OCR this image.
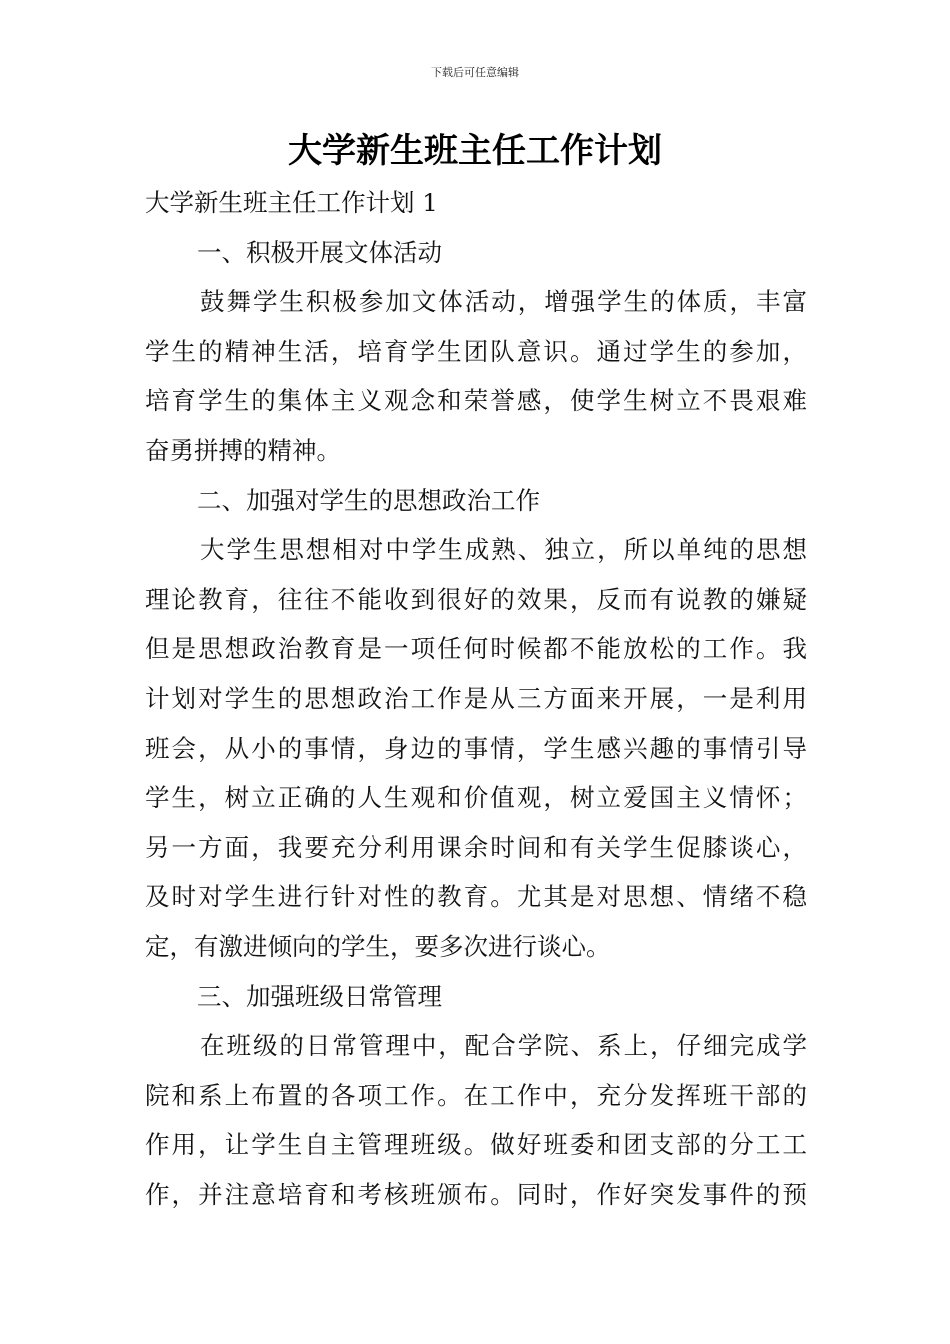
下载后可任意编辑
大学新生班主任工作计划
大学新生班主任工作计划 1
一、积极开展文体活动
鼓舞学生积极参加文体活动，增强学生的体质，丰富
学生的精神生活，培育学生团队意识。通过学生的参加，
培育学生的集体主义观念和荣誉感，使学生树立不畏艰难
奋勇拼搏的精神。
二、加强对学生的思想政治工作
大学生思想相对中学生成熟、独立，所以单纯的思想
理论教育，往往不能收到很好的效果，反而有说教的嫌疑
但是思想政治教育是一项任何时候都不能放松的工作。我
计划对学生的思想政治工作是从三方面来开展，一是利用
班会，从小的事情，身边的事情，学生感兴趣的事情引导
学生，树立正确的人生观和价值观，树立爱国主义情怀；
另一方面，我要充分利用课余时间和有关学生促膝谈心，
及时对学生进行针对性的教育。尤其是对思想、情绪不稳
定，有激进倾向的学生，要多次进行谈心。
三、加强班级日常管理
在班级的日常管理中，配合学院、系上，仔细完成学
院和系上布置的各项工作。在工作中，充分发挥班干部的
作用，让学生自主管理班级。做好班委和团支部的分工工
作，并注意培育和考核班颁布。同时，作好突发事件的预
